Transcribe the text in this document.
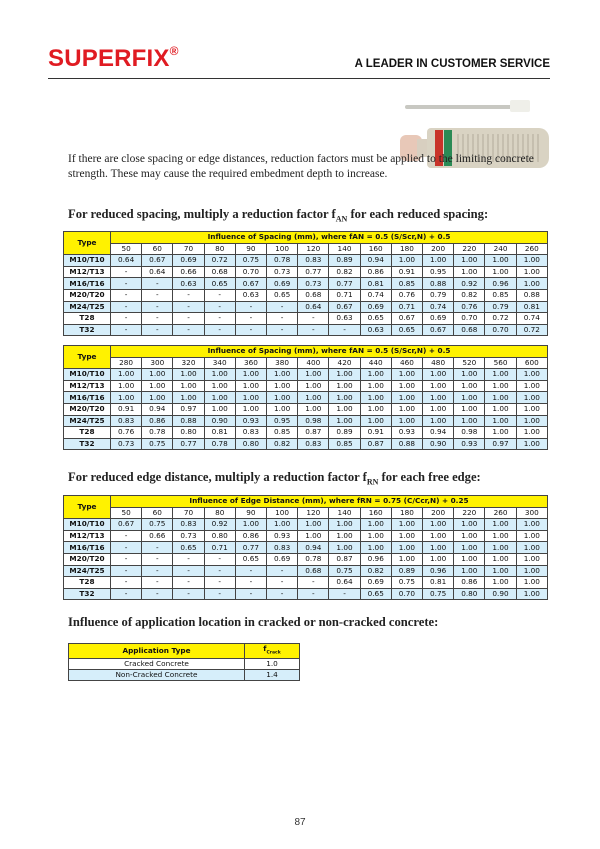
SUPERFIX®
A LEADER IN CUSTOMER SERVICE
If there are close spacing or edge distances, reduction factors must be applied to the limiting concrete strength. These may cause the required embedment depth to increase.
For reduced spacing, multiply a reduction factor $f_{AN}$ for each reduced spacing:
Type	Influence of Spacing (mm), where fAN = 0.5 (S/Scr,N) + 0.5													
	50	60	70	80	90	100	120	140	160	180	200	220	240	260
M10/T10	0.64	0.67	0.69	0.72	0.75	0.78	0.83	0.89	0.94	1.00	1.00	1.00	1.00	1.00
M12/T13	-	0.64	0.66	0.68	0.70	0.73	0.77	0.82	0.86	0.91	0.95	1.00	1.00	1.00
M16/T16	-	-	0.63	0.65	0.67	0.69	0.73	0.77	0.81	0.85	0.88	0.92	0.96	1.00
M20/T20	-	-	-	-	0.63	0.65	0.68	0.71	0.74	0.76	0.79	0.82	0.85	0.88
M24/T25	-	-	-	-	-	-	0.64	0.67	0.69	0.71	0.74	0.76	0.79	0.81
T28	-	-	-	-	-	-	-	0.63	0.65	0.67	0.69	0.70	0.72	0.74
T32	-	-	-	-	-	-	-	-	0.63	0.65	0.67	0.68	0.70	0.72
Type	Influence of Spacing (mm), where fAN = 0.5 (S/Scr,N) + 0.5													
	280	300	320	340	360	380	400	420	440	460	480	520	560	600
M10/T10	1.00	1.00	1.00	1.00	1.00	1.00	1.00	1.00	1.00	1.00	1.00	1.00	1.00	1.00
M12/T13	1.00	1.00	1.00	1.00	1.00	1.00	1.00	1.00	1.00	1.00	1.00	1.00	1.00	1.00
M16/T16	1.00	1.00	1.00	1.00	1.00	1.00	1.00	1.00	1.00	1.00	1.00	1.00	1.00	1.00
M20/T20	0.91	0.94	0.97	1.00	1.00	1.00	1.00	1.00	1.00	1.00	1.00	1.00	1.00	1.00
M24/T25	0.83	0.86	0.88	0.90	0.93	0.95	0.98	1.00	1.00	1.00	1.00	1.00	1.00	1.00
T28	0.76	0.78	0.80	0.81	0.83	0.85	0.87	0.89	0.91	0.93	0.94	0.98	1.00	1.00
T32	0.73	0.75	0.77	0.78	0.80	0.82	0.83	0.85	0.87	0.88	0.90	0.93	0.97	1.00
For reduced edge distance, multiply a reduction factor $f_{RN}$ for each free edge:
Type	Influence of Edge Distance (mm), where fRN = 0.75 (C/Ccr,N) + 0.25													
	50	60	70	80	90	100	120	140	160	180	200	220	260	300
M10/T10	0.67	0.75	0.83	0.92	1.00	1.00	1.00	1.00	1.00	1.00	1.00	1.00	1.00	1.00
M12/T13	-	0.66	0.73	0.80	0.86	0.93	1.00	1.00	1.00	1.00	1.00	1.00	1.00	1.00
M16/T16	-	-	0.65	0.71	0.77	0.83	0.94	1.00	1.00	1.00	1.00	1.00	1.00	1.00
M20/T20	-	-	-	-	0.65	0.69	0.78	0.87	0.96	1.00	1.00	1.00	1.00	1.00
M24/T25	-	-	-	-	-	-	0.68	0.75	0.82	0.89	0.96	1.00	1.00	1.00
T28	-	-	-	-	-	-	-	0.64	0.69	0.75	0.81	0.86	1.00	1.00
T32	-	-	-	-	-	-	-	-	0.65	0.70	0.75	0.80	0.90	1.00
Influence of application location in cracked or non-cracked concrete:
Application Type	$f_{Crack}$
Cracked Concrete	1.0
Non-Cracked Concrete	1.4
87
